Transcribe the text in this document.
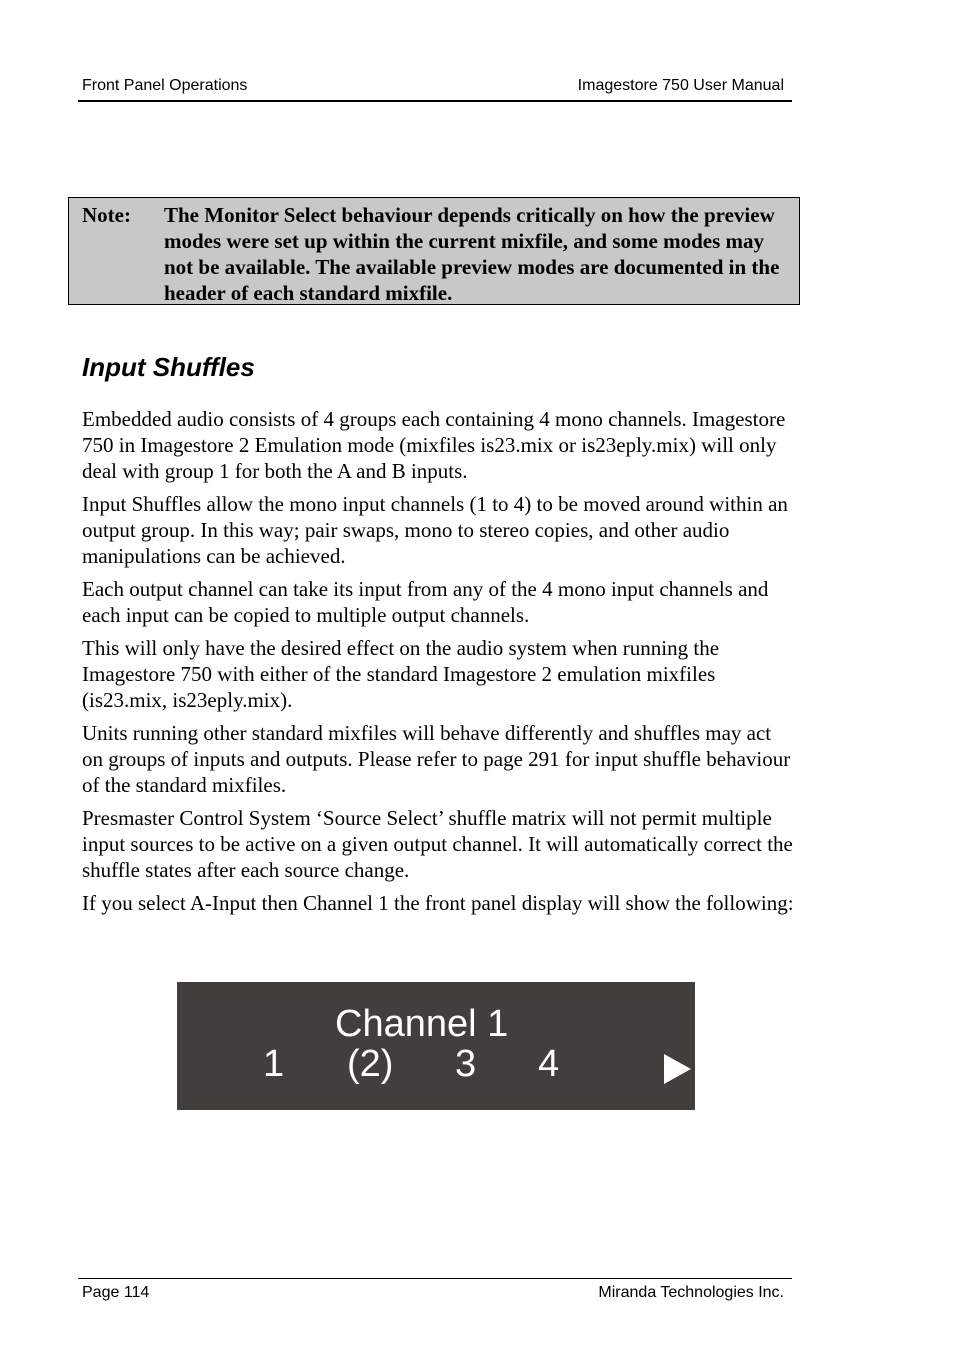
Front Panel Operations	Imagestore 750 User Manual
Note: The Monitor Select behaviour depends critically on how the preview modes were set up within the current mixfile, and some modes may not be available. The available preview modes are documented in the header of each standard mixfile.
Input Shuffles

Embedded audio consists of 4 groups each containing 4 mono channels. Imagestore 750 in Imagestore 2 Emulation mode (mixfiles is23.mix or is23eply.mix) will only deal with group 1 for both the A and B inputs.

Input Shuffles allow the mono input channels (1 to 4) to be moved around within an output group. In this way; pair swaps, mono to stereo copies, and other audio manipulations can be achieved.

Each output channel can take its input from any of the 4 mono input channels and each input can be copied to multiple output channels.

This will only have the desired effect on the audio system when running the Imagestore 750 with either of the standard Imagestore 2 emulation mixfiles (is23.mix, is23eply.mix).

Units running other standard mixfiles will behave differently and shuffles may act on groups of inputs and outputs. Please refer to page 291 for input shuffle behaviour of the standard mixfiles.

Presmaster Control System ‘Source Select’ shuffle matrix will not permit multiple input sources to be active on a given output channel. It will automatically correct the shuffle states after each source change.

If you select A-Input then Channel 1 the front panel display will show the following:

Channel 1
1 (2) 3 4
Page 114	Miranda Technologies Inc.
